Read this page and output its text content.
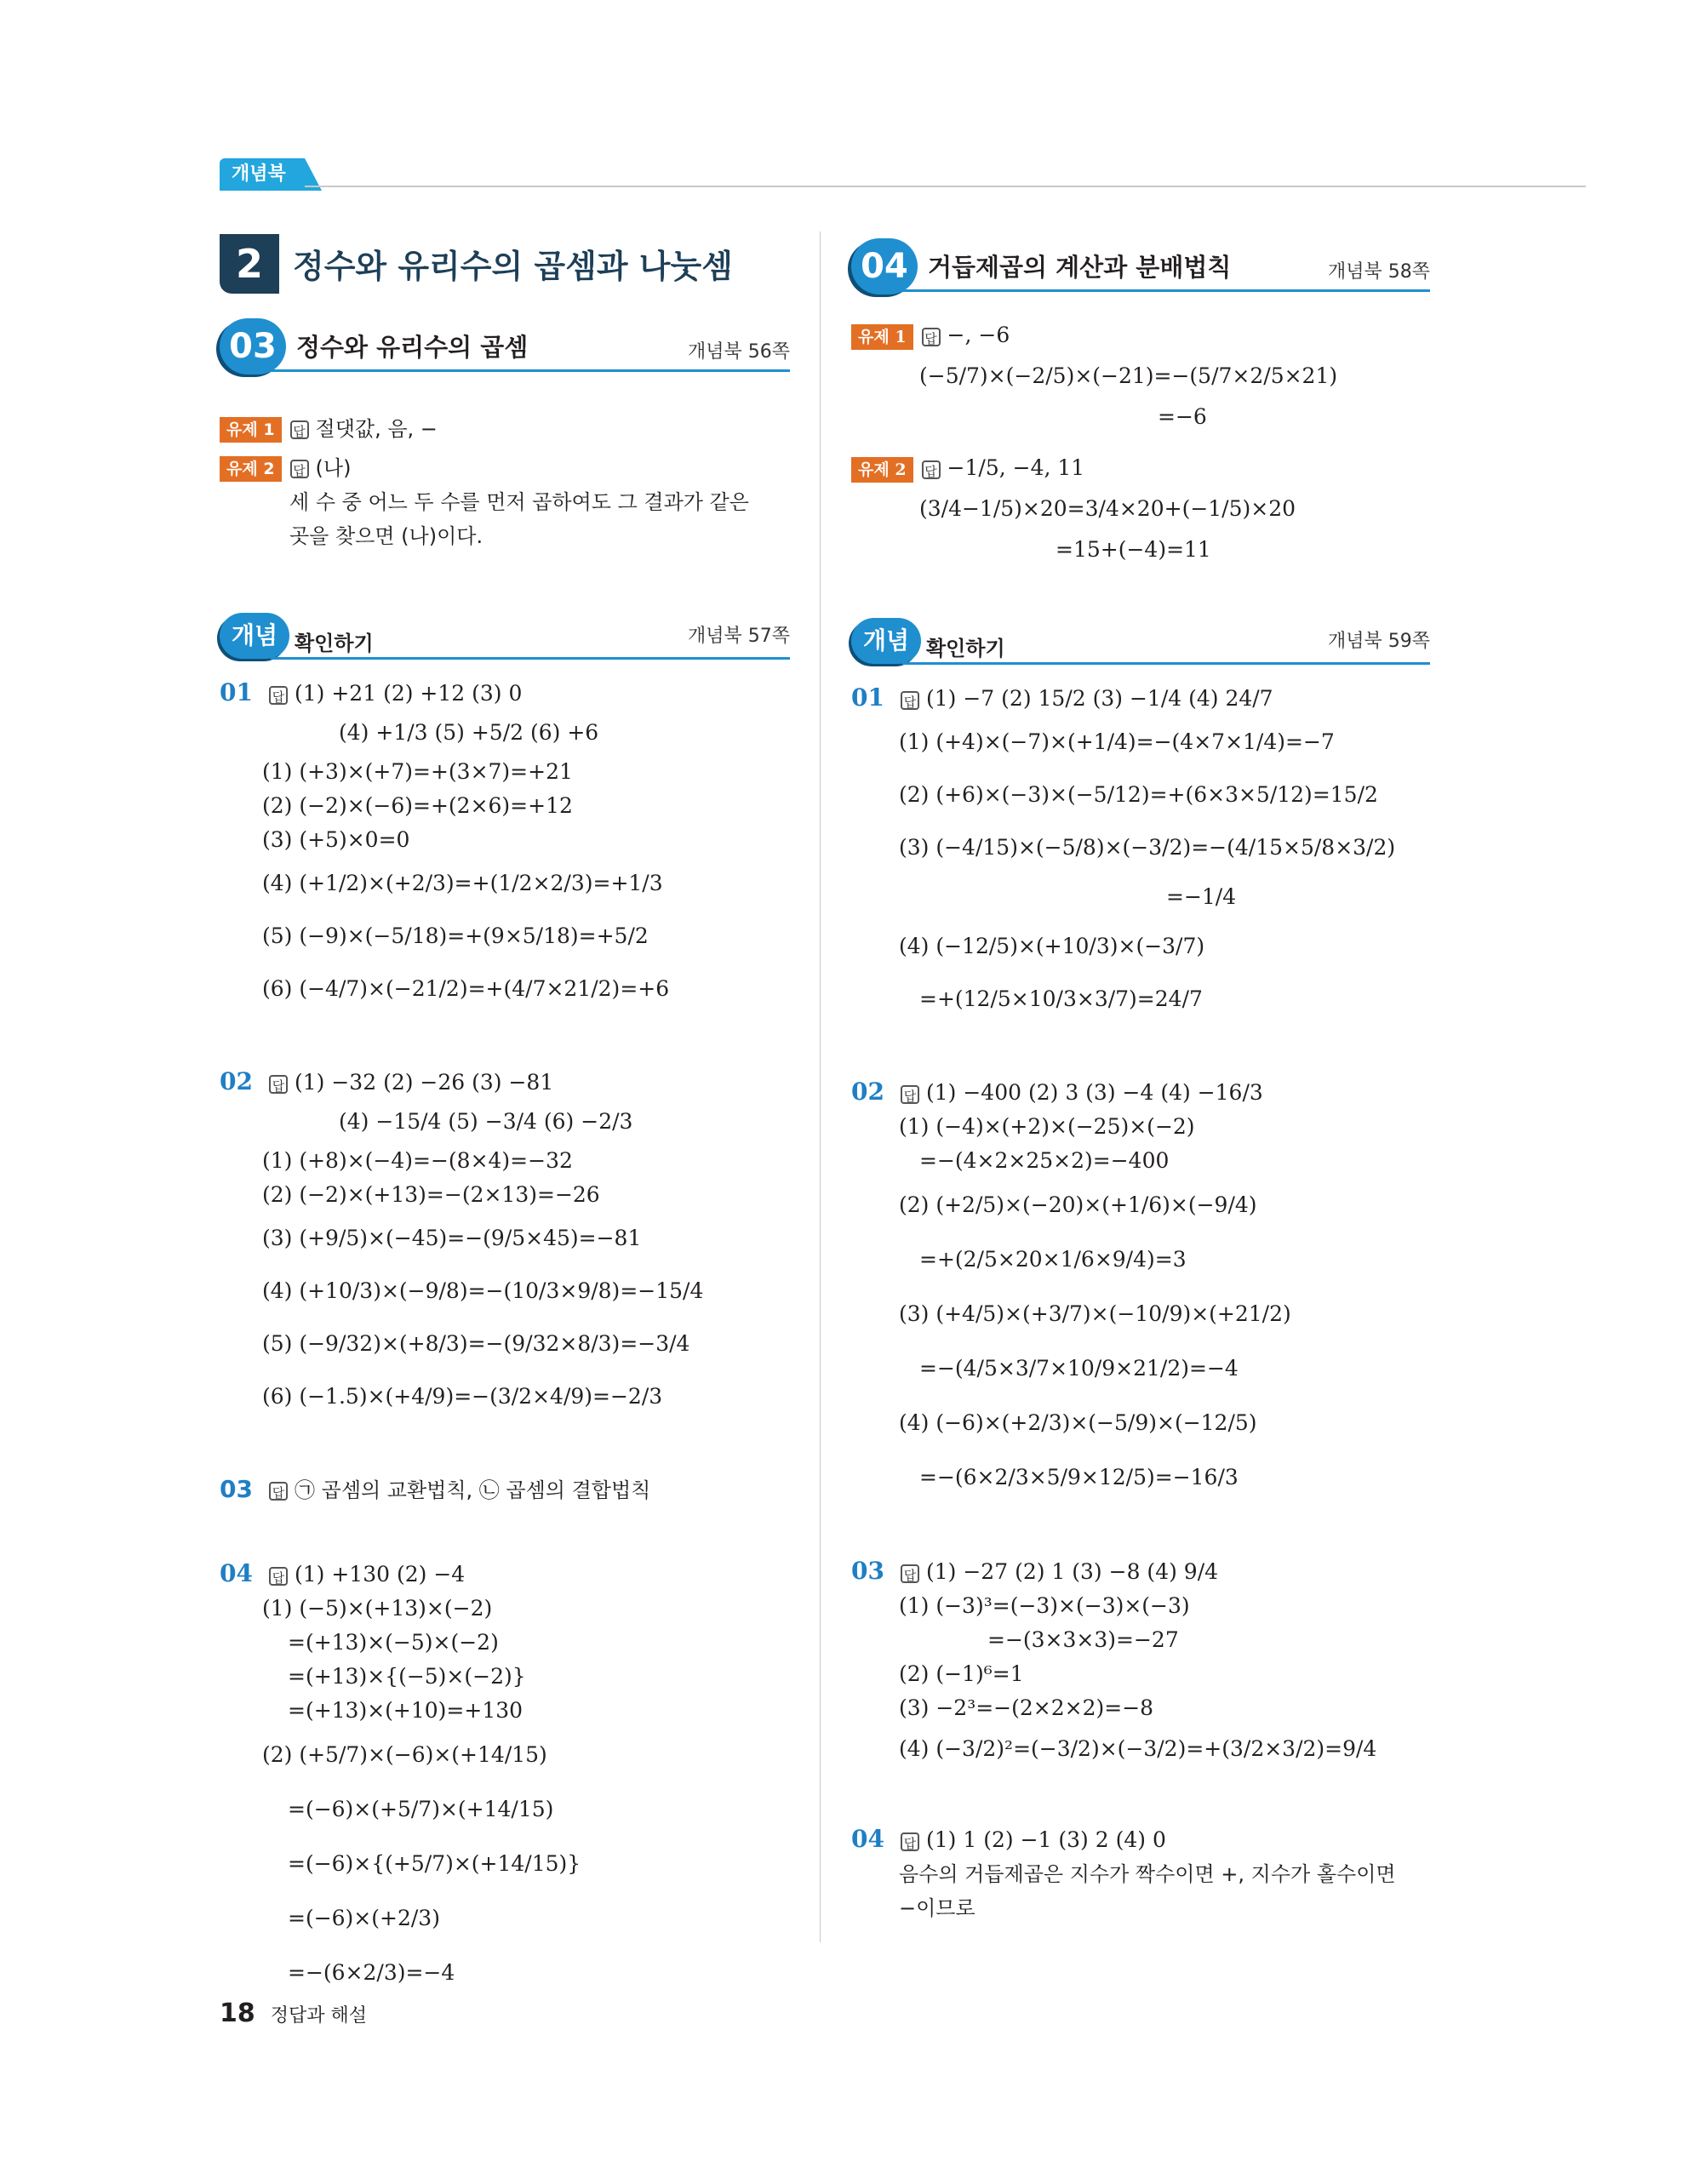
개념북
2 정수와 유리수의 곱셈과 나눗셈
03 정수와 유리수의 곱셈	개념북 56쪽
유제 1 답 절댓값, 음, −
유제 2 답 (나)
세 수 중 어느 두 수를 먼저 곱하여도 그 결과가 같은 곳을 찾으면 (나)이다.
개념 확인하기	개념북 57쪽
01 답 (1) +21 (2) +12 (3) 0
(4) +1/3 (5) +5/2 (6) +6
(1) (+3)×(+7)=+(3×7)=+21
(2) (−2)×(−6)=+(2×6)=+12
(3) (+5)×0=0
(4) (+1/2)×(+2/3)=+(1/2×2/3)=+1/3
(5) (−9)×(−5/18)=+(9×5/18)=+5/2
(6) (−4/7)×(−21/2)=+(4/7×21/2)=+6
02 답 (1) −32 (2) −26 (3) −81
(4) −15/4 (5) −3/4 (6) −2/3
(1) (+8)×(−4)=−(8×4)=−32
(2) (−2)×(+13)=−(2×13)=−26
(3) (+9/5)×(−45)=−(9/5×45)=−81
(4) (+10/3)×(−9/8)=−(10/3×9/8)=−15/4
(5) (−9/32)×(+8/3)=−(9/32×8/3)=−3/4
(6) (−1.5)×(+4/9)=−(3/2×4/9)=−2/3
03 답 ㉠ 곱셈의 교환법칙, ㉡ 곱셈의 결합법칙
04 답 (1) +130 (2) −4
(1) (−5)×(+13)×(−2)
=(+13)×(−5)×(−2)
=(+13)×{(−5)×(−2)}
=(+13)×(+10)=+130
(2) (+5/7)×(−6)×(+14/15)
=(−6)×(+5/7)×(+14/15)
=(−6)×{(+5/7)×(+14/15)}
=(−6)×(+2/3)
=−(6×2/3)=−4
04 거듭제곱의 계산과 분배법칙	개념북 58쪽
유제 1 답 −, −6
(−5/7)×(−2/5)×(−21)=−(5/7×2/5×21)
=−6
유제 2 답 −1/5, −4, 11
(3/4−1/5)×20=3/4×20+(−1/5)×20
=15+(−4)=11
개념 확인하기	개념북 59쪽
01 답 (1) −7 (2) 15/2 (3) −1/4 (4) 24/7
(1) (+4)×(−7)×(+1/4)=−(4×7×1/4)=−7
(2) (+6)×(−3)×(−5/12)=+(6×3×5/12)=15/2
(3) (−4/15)×(−5/8)×(−3/2)=−(4/15×5/8×3/2)
=−1/4
(4) (−12/5)×(+10/3)×(−3/7)
=+(12/5×10/3×3/7)=24/7
02 답 (1) −400 (2) 3 (3) −4 (4) −16/3
(1) (−4)×(+2)×(−25)×(−2)
=−(4×2×25×2)=−400
(2) (+2/5)×(−20)×(+1/6)×(−9/4)
=+(2/5×20×1/6×9/4)=3
(3) (+4/5)×(+3/7)×(−10/9)×(+21/2)
=−(4/5×3/7×10/9×21/2)=−4
(4) (−6)×(+2/3)×(−5/9)×(−12/5)
=−(6×2/3×5/9×12/5)=−16/3
03 답 (1) −27 (2) 1 (3) −8 (4) 9/4
(1) (−3)³=(−3)×(−3)×(−3)
=−(3×3×3)=−27
(2) (−1)⁶=1
(3) −2³=−(2×2×2)=−8
(4) (−3/2)²=(−3/2)×(−3/2)=+(3/2×3/2)=9/4
04 답 (1) 1 (2) −1 (3) 2 (4) 0
음수의 거듭제곱은 지수가 짝수이면 +, 지수가 홀수이면 −이므로
18 정답과 해설
